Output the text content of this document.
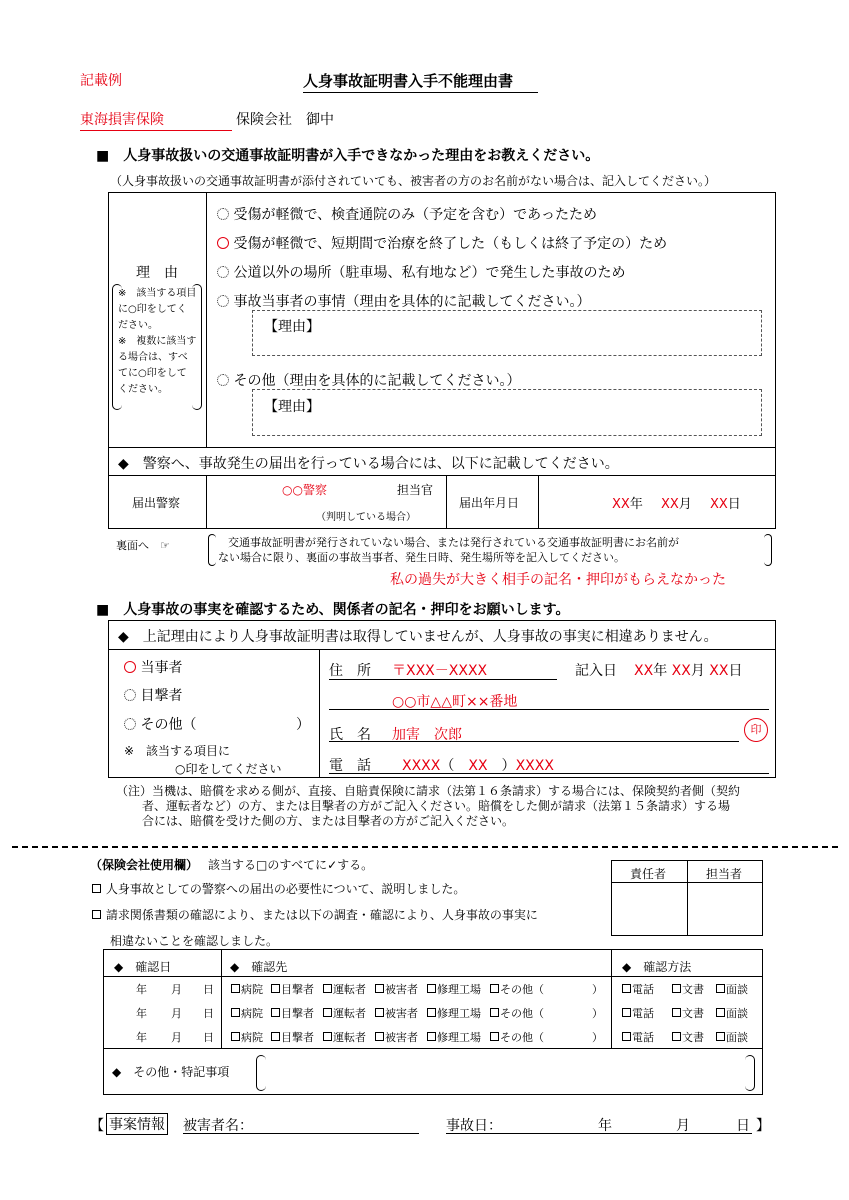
記載例	人身事故証明書入手不能理由書
東海損害保険	保険会社　御中
■　人身事故扱いの交通事故証明書が入手できなかった理由をお教えください。
（人身事故扱いの交通事故証明書が添付されていても、被害者の方のお名前がない場合は、記入してください。）
理　由
※　該当する項目
に○印をしてく
ださい。
※　複数に該当す
る場合は、すべ
てに○印をして
ください。
受傷が軽微で、検査通院のみ（予定を含む）であったため
受傷が軽微で、短期間で治療を終了した（もしくは終了予定の）ため
公道以外の場所（駐車場、私有地など）で発生した事故のため
事故当事者の事情（理由を具体的に記載してください。）
【理由】
その他（理由を具体的に記載してください。）
【理由】
◆　警察へ、事故発生の届出を行っている場合には、以下に記載してください。
届出警察
○○警察	担当官
（判明している場合）
届出年月日	XX年 XX月 XX日
裏面へ　☞	交通事故証明書が発行されていない場合、または発行されている交通事故証明書にお名前が
ない場合に限り、裏面の事故当事者、発生日時、発生場所等を記入してください。
私の過失が大きく相手の記名・押印がもらえなかった
■　人身事故の事実を確認するため、関係者の記名・押印をお願いします。
◆　上記理由により人身事故証明書は取得していませんが、人身事故の事実に相違ありません。
当事者
目撃者
その他（	）
※　該当する項目に
○印をしてください
住　所 〒XXX－XXXX	記入日 XX年 XX月 XX日
○○市△△町××番地
氏　名 加害　次郎	印
電　話 XXXX（　XX　）XXXX
（注）当機は、賠償を求める側が、直接、自賠責保険に請求（法第１６条請求）する場合には、保険契約者側（契約
者、運転者など）の方、または目撃者の方がご記入ください。賠償をした側が請求（法第１５条請求）する場
合には、賠償を受けた側の方、または目撃者の方がご記入ください。
（保険会社使用欄） 該当する□のすべてに✓する。
責任者	担当者
人身事故としての警察への届出の必要性について、説明しました。
請求関係書類の確認により、または以下の調査・確認により、人身事故の事実に
相違ないことを確認しました。
◆　確認日	◆　確認先	◆　確認方法
年 月 日	病院	目撃者	運転者	被害者	修理工場	その他（	）	電話	文書	面談
年 月 日	病院	目撃者	運転者	被害者	修理工場	その他（	）	電話	文書	面談
年 月 日	病院	目撃者	運転者	被害者	修理工場	その他（	）	電話	文書	面談
◆　その他・特記事項
【 事案情報 被害者名：	事故日：	年	月	日 】
